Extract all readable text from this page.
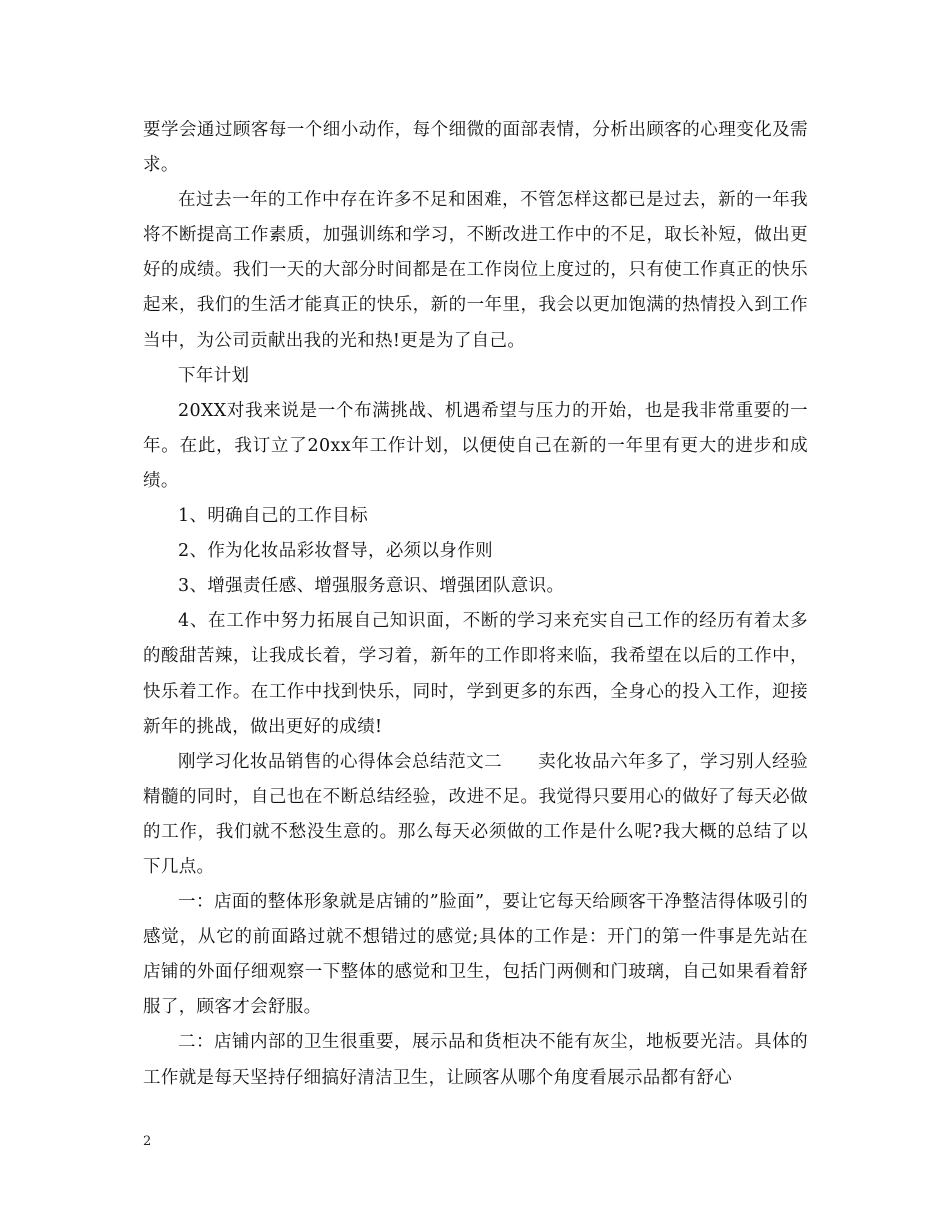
要学会通过顾客每一个细小动作，每个细微的面部表情，分析出顾客的心理变化及需求。

在过去一年的工作中存在许多不足和困难，不管怎样这都已是过去，新的一年我将不断提高工作素质，加强训练和学习，不断改进工作中的不足，取长补短，做出更好的成绩。我们一天的大部分时间都是在工作岗位上度过的，只有使工作真正的快乐起来，我们的生活才能真正的快乐，新的一年里，我会以更加饱满的热情投入到工作当中，为公司贡献出我的光和热!更是为了自己。

下年计划

20XX对我来说是一个布满挑战、机遇希望与压力的开始，也是我非常重要的一年。在此，我订立了20xx年工作计划，以便使自己在新的一年里有更大的进步和成绩。

1、明确自己的工作目标

2、作为化妆品彩妆督导，必须以身作则

3、增强责任感、增强服务意识、增强团队意识。

4、在工作中努力拓展自己知识面，不断的学习来充实自己工作的经历有着太多的酸甜苦辣，让我成长着，学习着，新年的工作即将来临，我希望在以后的工作中，快乐着工作。在工作中找到快乐，同时，学到更多的东西，全身心的投入工作，迎接新年的挑战，做出更好的成绩!

刚学习化妆品销售的心得体会总结范文二　　卖化妆品六年多了，学习别人经验精髓的同时，自己也在不断总结经验，改进不足。我觉得只要用心的做好了每天必做的工作，我们就不愁没生意的。那么每天必须做的工作是什么呢?我大概的总结了以下几点。

一：店面的整体形象就是店铺的”脸面”，要让它每天给顾客干净整洁得体吸引的感觉，从它的前面路过就不想错过的感觉;具体的工作是：开门的第一件事是先站在店铺的外面仔细观察一下整体的感觉和卫生，包括门两侧和门玻璃，自己如果看着舒服了，顾客才会舒服。

二：店铺内部的卫生很重要，展示品和货柜决不能有灰尘，地板要光洁。具体的工作就是每天坚持仔细搞好清洁卫生，让顾客从哪个角度看展示品都有舒心

2
